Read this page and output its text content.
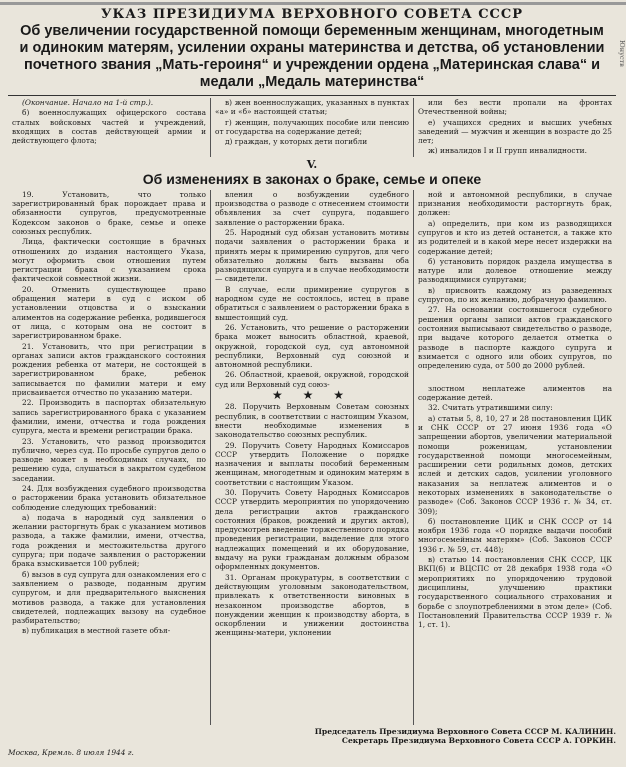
УКАЗ ПРЕЗИДИУМА ВЕРХОВНОГО СОВЕТА СССР
Об увеличении государственной помощи беременным женщинам, многодетным и одиноким матерям, усилении охраны материнства и детства, об установлении почетного звания „Мать-героиня“ и учреждении ордена „Материнская слава“ и медали „Медаль материнства“

(Окончание. Начало на 1-й стр.).

б) военнослужащих офицерского состава сталых войсковых частей и учреждений, входящих в состав действующей армии и действующего флота;

в) жен военнослужащих, указанных в пунктах «а» и «б» настоящей статьи;

г) женщин, получающих пособие или пенсию от государства на содержание детей;

д) граждан, у которых дети погибли

или без вести пропали на фронтах Отечественной войны;

е) учащихся средних и высших учебных заведений — мужчин и женщин в возрасте до 25 лет;

ж) инвалидов I и II групп инвалидности.

V.
Об изменениях в законах о браке, семье и опеке

19. Установить, что только зарегистрированный брак порождает права и обязанности супругов, предусмотренные Кодексом законов о браке, семье и опеке союзных республик.

Лица, фактически состоящие в брачных отношениях до издания настоящего Указа, могут оформить свои отношения путем регистрации брака с указанием срока фактической совместной жизни.

20. Отменить существующее право обращения матери в суд с иском об установлении отцовства и о взыскании алиментов на содержание ребенка, родившегося от лица, с которым она не состоит в зарегистрированном браке.

21. Установить, что при регистрации в органах записи актов гражданского состояния рождения ребенка от матери, не состоящей в зарегистрированном браке, ребенок записывается по фамилии матери и ему присваивается отчество по указанию матери.

22. Производить в паспортах обязательную запись зарегистрированного брака с указанием фамилии, имени, отчества и года рождения супруга, места и времени регистрации брака.

23. Установить, что развод производится публично, через суд. По просьбе супругов дело о разводе может в необходимых случаях, по решению суда, слушаться в закрытом судебном заседании.

24. Для возбуждения судебного производства о расторжении брака установить обязательное соблюдение следующих требований:

а) подача в народный суд заявления о желании расторгнуть брак с указанием мотивов развода, а также фамилии, имени, отчества, года рождения и местожительства другого супруга; при подаче заявления о расторжении брака взыскивается 100 рублей;

б) вызов в суд супруга для ознакомления его с заявлением о разводе, поданным другим супругом, и для предварительного выяснения мотивов развода, а также для установления свидетелей, подлежащих вызову на судебное разбирательство;

в) публикация в местной газете объя-

вления о возбуждении судебного производства о разводе с отнесением стоимости объявления за счет супруга, подавшего заявление о расторжении брака.

25. Народный суд обязан установить мотивы подачи заявления о расторжении брака и принять меры к примирению супругов, для чего обязательно должны быть вызваны оба разводящихся супруга и в случае необходимости — свидетели.

В случае, если примирение супругов в народном суде не состоялось, истец в праве обратиться с заявлением о расторжении брака в вышестоящий суд.

26. Установить, что решение о расторжении брака может выносить областной, краевой, окружной, городской суд, суд автономной республики, Верховный суд союзной и автономной республики.

26. Областной, краевой, окружной, городской суд или Верховный суд союз-

★ ★ ★

28. Поручить Верховным Советам союзных республик, в соответствии с настоящим Указом, внести необходимые изменения в законодательство союзных республик.

29. Поручить Совету Народных Комиссаров СССР утвердить Положение о порядке назначения и выплаты пособий беременным женщинам, многодетным и одиноким матерям в соответствии с настоящим Указом.

30. Поручить Совету Народных Комиссаров СССР утвердить мероприятия по упорядочению дела регистрации актов гражданского состояния (браков, рождений и других актов), предусмотрев введение торжественного порядка проведения регистрации, выделение для этого надлежащих помещений и их оборудование, выдачу на руки гражданам должным образом оформленных документов.

31. Органам прокуратуры, в соответствии с действующим уголовным законодательством, привлекать к ответственности виновных в незаконном производстве абортов, в понуждении женщин к производству аборта, в оскорблении и унижении достоинства женщины-матери, уклонении

ной и автономной республики, в случае признания необходимости расторгнуть брак, должен:

а) определить, при ком из разводящихся супругов и кто из детей останется, а также кто из родителей и в какой мере несет издержки на содержание детей;

б) установить порядок раздела имущества в натуре или долевое отношение между разводящимися супругами;

в) присвоить каждому из разведенных супругов, по их желанию, добрачную фамилию.

27. На основании состоявшегося судебного решения органы записи актов гражданского состояния выписывают свидетельство о разводе, при выдаче которого делается отметка о разводе в паспорте каждого супруга и взимается с одного или обоих супругов, по определению суда, от 500 до 2000 рублей.

злостном неплатеже алиментов на содержание детей.

32. Считать утратившими силу:

а) статьи 5, 8, 10, 27 и 28 постановления ЦИК и СНК СССР от 27 июня 1936 года «О запрещении абортов, увеличении материальной помощи роженицам, установлении государственной помощи многосемейным, расширении сети родильных домов, детских яслей и детских садов, усилении уголовного наказания за неплатеж алиментов и о некоторых изменениях в законодательстве о разводе» (Соб. Законов СССР 1936 г. № 34, ст. 309);

б) постановление ЦИК и СНК СССР от 14 ноября 1936 года «О порядке выдачи пособий многосемейным матерям» (Соб. Законов СССР 1936 г. № 59, ст. 448);

в) статью 14 постановления СНК СССР, ЦК ВКП(б) и ВЦСПС от 28 декабря 1938 года «О мероприятиях по упорядочению трудовой дисциплины, улучшению практики государственного социального страхования и борьбе с злоупотреблениями в этом деле» (Соб. Постановлений Правительства СССР 1939 г. № 1, ст. 1).

Председатель Президиума Верховного Совета СССР М. КАЛИНИН.
Секретарь Президиума Верховного Совета СССР А. ГОРКИН.
Москва, Кремль. 8 июля 1944 г.
Юнуств
